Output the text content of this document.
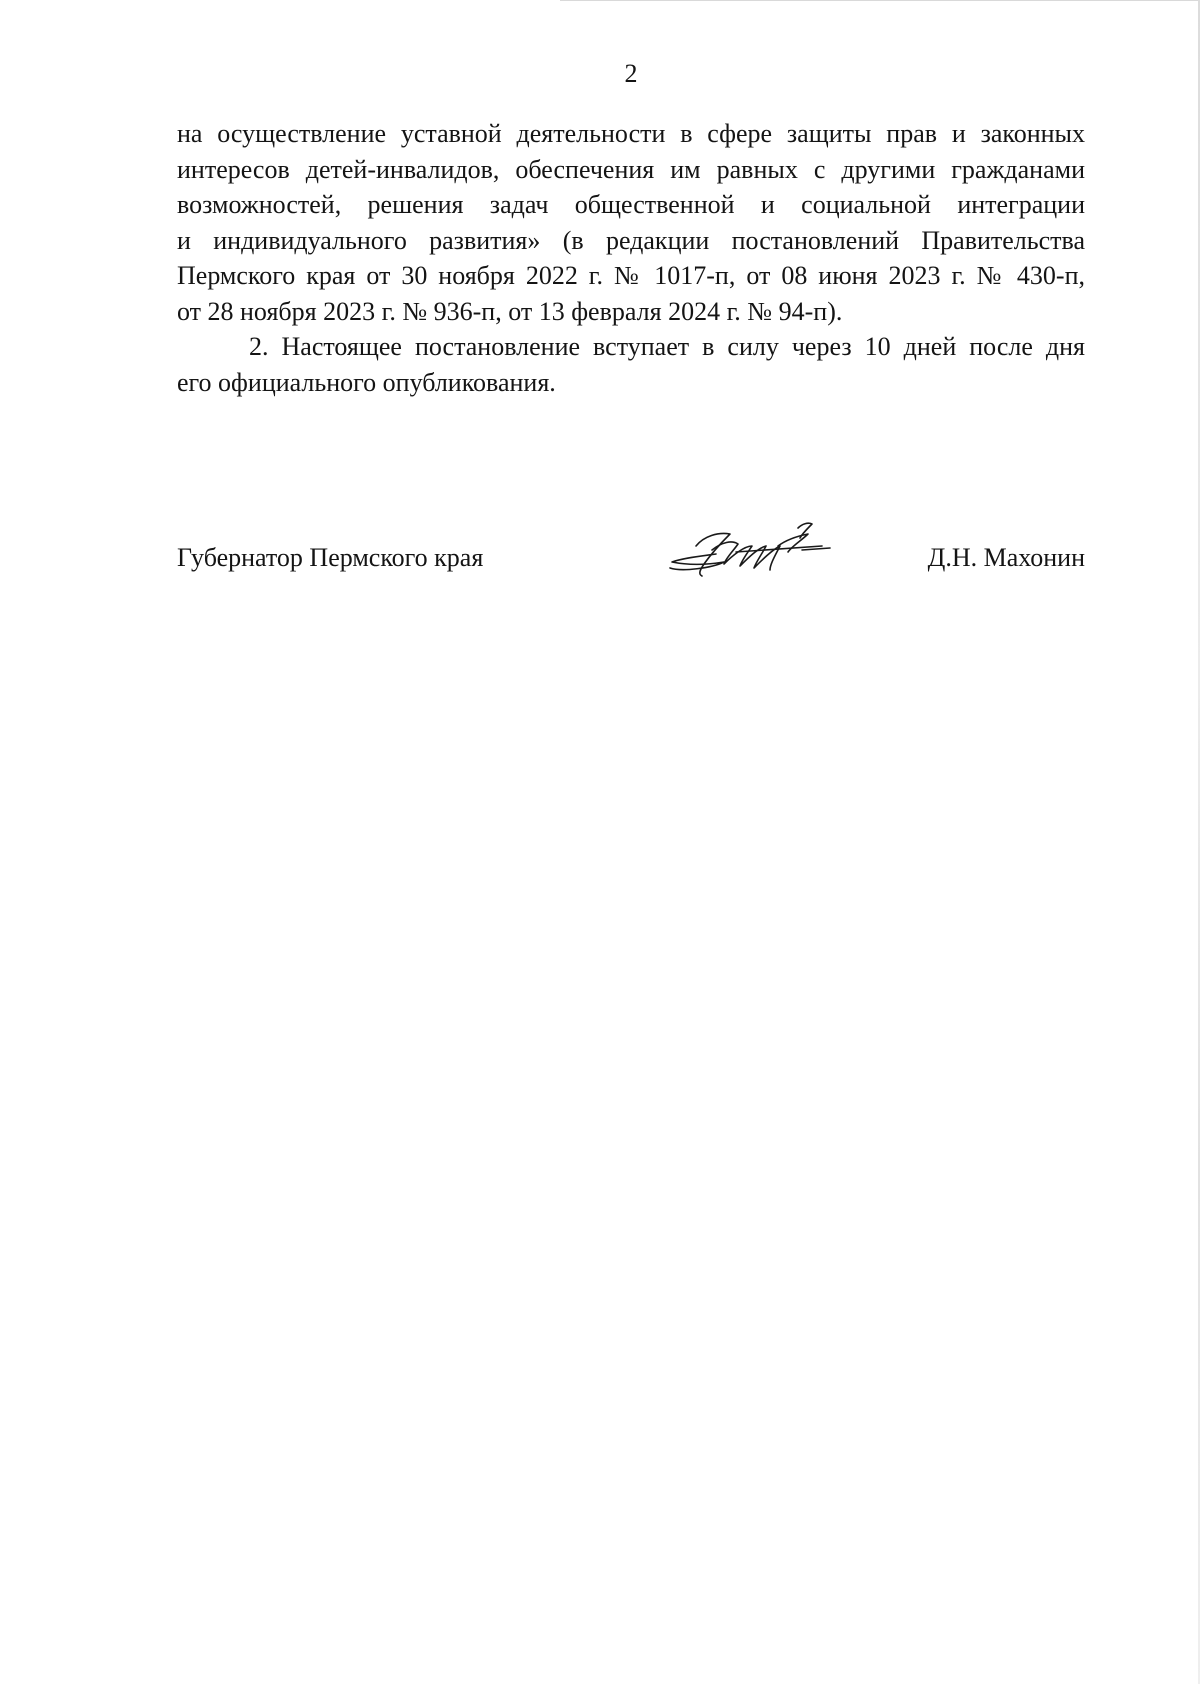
2

на осуществление уставной деятельности в сфере защиты прав и законных
интересов детей-инвалидов, обеспечения им равных с другими гражданами
возможностей, решения задач общественной и социальной интеграции
и индивидуального развития» (в редакции постановлений Правительства
Пермского края от 30 ноября 2022 г. № 1017-п, от 08 июня 2023 г. № 430-п,
от 28 ноября 2023 г. № 936-п, от 13 февраля 2024 г. № 94-п).

2. Настоящее постановление вступает в силу через 10 дней после дня
его официального опубликования.

Губернатор Пермского края	Д.Н. Махонин
